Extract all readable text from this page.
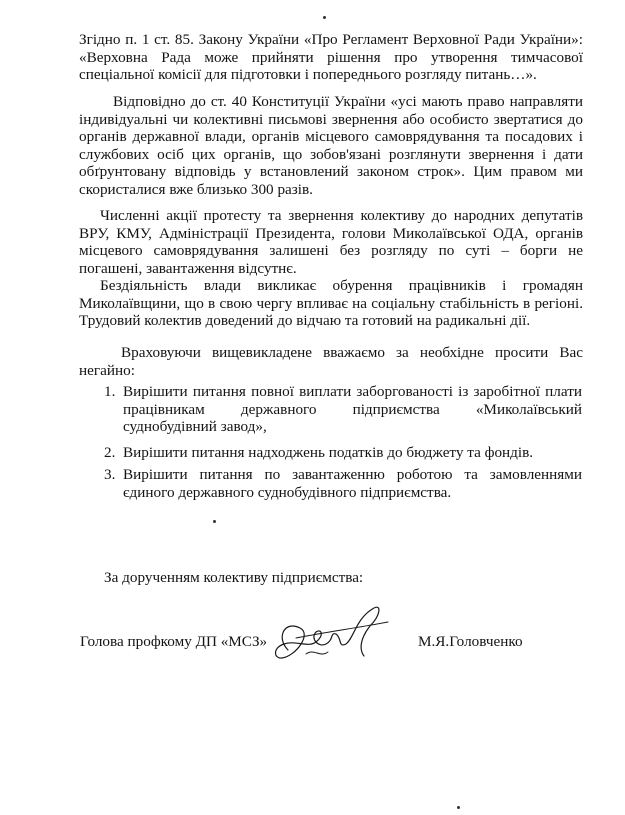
Згідно п. 1 ст. 85. Закону України «Про Регламент Верховної Ради України»: «Верховна Рада може прийняти рішення про утворення тимчасової спеціальної комісії для підготовки і попереднього розгляду питань…».

Відповідно до ст. 40 Конституції України «усі мають право направляти індивідуальні чи колективні письмові звернення або особисто звертатися до органів державної влади, органів місцевого самоврядування та посадових і службових осіб цих органів, що зобов'язані розглянути звернення і дати обґрунтовану відповідь у встановлений законом строк». Цим правом ми скористалися вже близько 300 разів.

Численні акції протесту та звернення колективу до народних депутатів ВРУ, КМУ, Адміністрації Президента, голови Миколаївської ОДА, органів місцевого самоврядування залишені без розгляду по суті – борги не погашені, завантаження відсутнє.

Бездіяльність влади викликає обурення працівників і громадян Миколаївщини, що в свою чергу впливає на соціальну стабільність в регіоні. Трудовий колектив доведений до відчаю та готовий на радикальні дії.

Враховуючи вищевикладене вважаємо за необхідне просити Вас негайно:

1. Вирішити питання повної виплати заборгованості із заробітної плати працівникам державного підприємства «Миколаївський суднобудівний завод»,
2. Вирішити питання надходжень податків до бюджету та фондів.
3. Вирішити питання по завантаженню роботою та замовленнями єдиного державного суднобудівного підприємства.

За дорученням колективу підприємства:

Голова профкому ДП «МСЗ»	М.Я.Головченко
